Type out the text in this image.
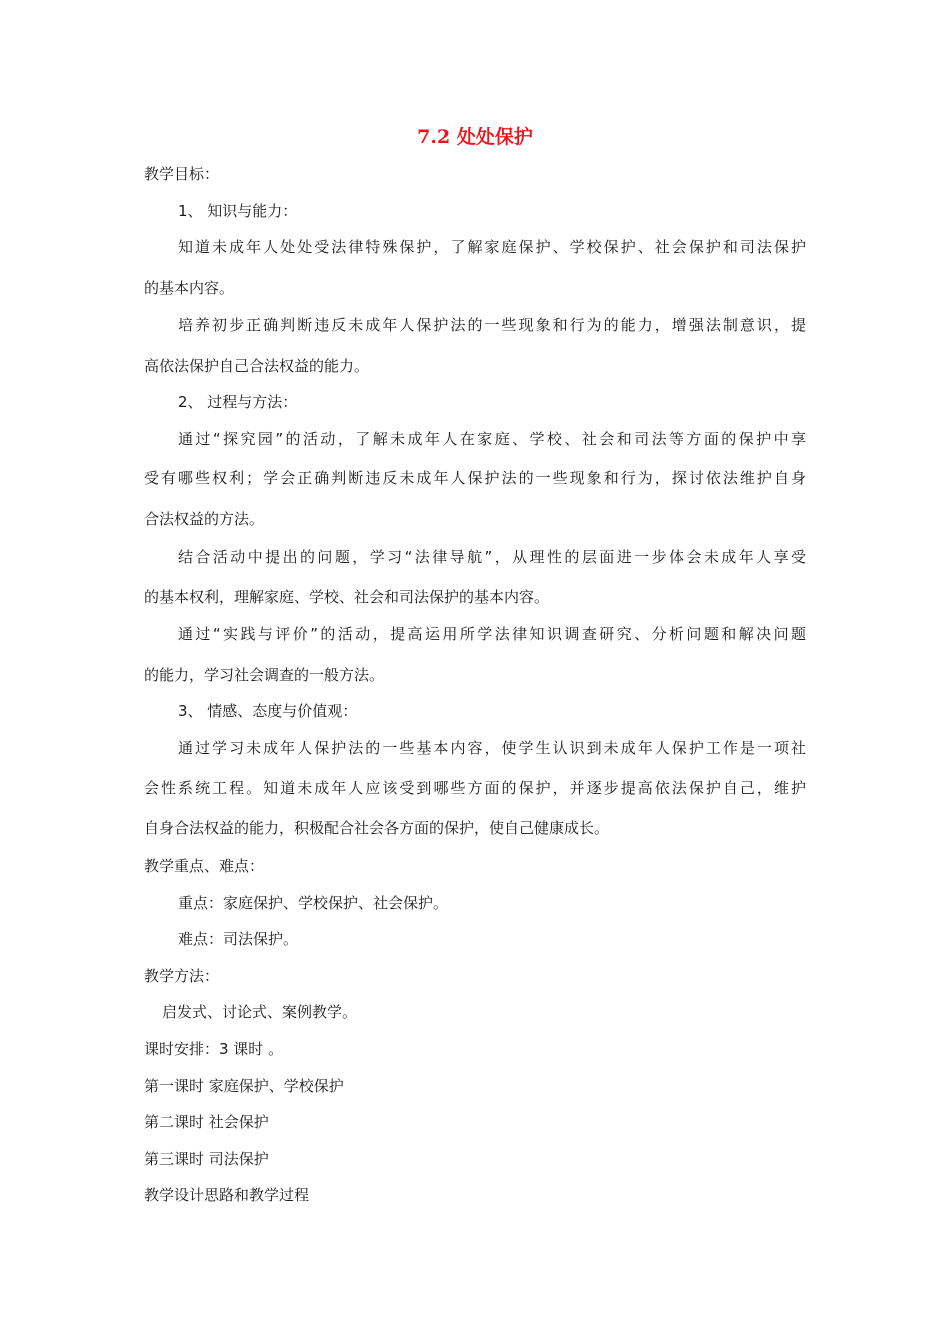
7.2 处处保护
教学目标：
1、 知识与能力：
知道未成年人处处受法律特殊保护，了解家庭保护、学校保护、社会保护和司法保护
的基本内容。
培养初步正确判断违反未成年人保护法的一些现象和行为的能力，增强法制意识，提
高依法保护自己合法权益的能力。
2、 过程与方法：
通过“探究园”的活动，了解未成年人在家庭、学校、社会和司法等方面的保护中享
受有哪些权利；学会正确判断违反未成年人保护法的一些现象和行为，探讨依法维护自身
合法权益的方法。
结合活动中提出的问题，学习“法律导航”，从理性的层面进一步体会未成年人享受
的基本权利，理解家庭、学校、社会和司法保护的基本内容。
通过“实践与评价”的活动，提高运用所学法律知识调查研究、分析问题和解决问题
的能力，学习社会调查的一般方法。
3、 情感、态度与价值观：
通过学习未成年人保护法的一些基本内容，使学生认识到未成年人保护工作是一项社
会性系统工程。知道未成年人应该受到哪些方面的保护，并逐步提高依法保护自己，维护
自身合法权益的能力，积极配合社会各方面的保护，使自己健康成长。
教学重点、难点：
重点：家庭保护、学校保护、社会保护。
难点：司法保护。
教学方法：
启发式、讨论式、案例教学。
课时安排：3 课时 。
第一课时 家庭保护、学校保护
第二课时 社会保护
第三课时 司法保护
教学设计思路和教学过程
